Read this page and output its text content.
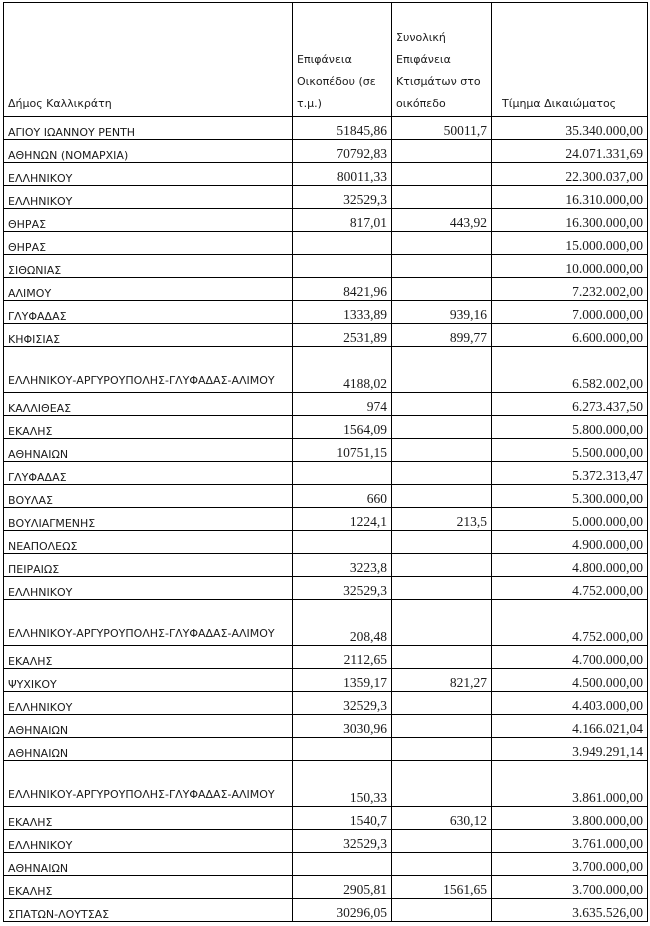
Δήμος Καλλικράτη	Επιφάνεια Οικοπέδου (σε τ.μ.)	Συνολική Επιφάνεια Κτισμάτων στο οικόπεδο	Τίμημα Δικαιώματος
ΑΓΙΟΥ ΙΩΑΝΝΟΥ ΡΕΝΤΗ	51845,86	50011,7	35.340.000,00
ΑΘΗΝΩΝ (ΝΟΜΑΡΧΙΑ)	70792,83		24.071.331,69
ΕΛΛΗΝΙΚΟΥ	80011,33		22.300.037,00
ΕΛΛΗΝΙΚΟΥ	32529,3		16.310.000,00
ΘΗΡΑΣ	817,01	443,92	16.300.000,00
ΘΗΡΑΣ			15.000.000,00
ΣΙΘΩΝΙΑΣ			10.000.000,00
ΑΛΙΜΟΥ	8421,96		7.232.002,00
ΓΛΥΦΑΔΑΣ	1333,89	939,16	7.000.000,00
ΚΗΦΙΣΙΑΣ	2531,89	899,77	6.600.000,00
ΕΛΛΗΝΙΚΟΥ-ΑΡΓΥΡΟΥΠΟΛΗΣ-ΓΛΥΦΑΔΑΣ-ΑΛΙΜΟΥ	4188,02		6.582.002,00
ΚΑΛΛΙΘΕΑΣ	974		6.273.437,50
ΕΚΑΛΗΣ	1564,09		5.800.000,00
ΑΘΗΝΑΙΩΝ	10751,15		5.500.000,00
ΓΛΥΦΑΔΑΣ			5.372.313,47
ΒΟΥΛΑΣ	660		5.300.000,00
ΒΟΥΛΙΑΓΜΕΝΗΣ	1224,1	213,5	5.000.000,00
ΝΕΑΠΟΛΕΩΣ			4.900.000,00
ΠΕΙΡΑΙΩΣ	3223,8		4.800.000,00
ΕΛΛΗΝΙΚΟΥ	32529,3		4.752.000,00
ΕΛΛΗΝΙΚΟΥ-ΑΡΓΥΡΟΥΠΟΛΗΣ-ΓΛΥΦΑΔΑΣ-ΑΛΙΜΟΥ	208,48		4.752.000,00
ΕΚΑΛΗΣ	2112,65		4.700.000,00
ΨΥΧΙΚΟΥ	1359,17	821,27	4.500.000,00
ΕΛΛΗΝΙΚΟΥ	32529,3		4.403.000,00
ΑΘΗΝΑΙΩΝ	3030,96		4.166.021,04
ΑΘΗΝΑΙΩΝ			3.949.291,14
ΕΛΛΗΝΙΚΟΥ-ΑΡΓΥΡΟΥΠΟΛΗΣ-ΓΛΥΦΑΔΑΣ-ΑΛΙΜΟΥ	150,33		3.861.000,00
ΕΚΑΛΗΣ	1540,7	630,12	3.800.000,00
ΕΛΛΗΝΙΚΟΥ	32529,3		3.761.000,00
ΑΘΗΝΑΙΩΝ			3.700.000,00
ΕΚΑΛΗΣ	2905,81	1561,65	3.700.000,00
ΣΠΑΤΩΝ-ΛΟΥΤΣΑΣ	30296,05		3.635.526,00
